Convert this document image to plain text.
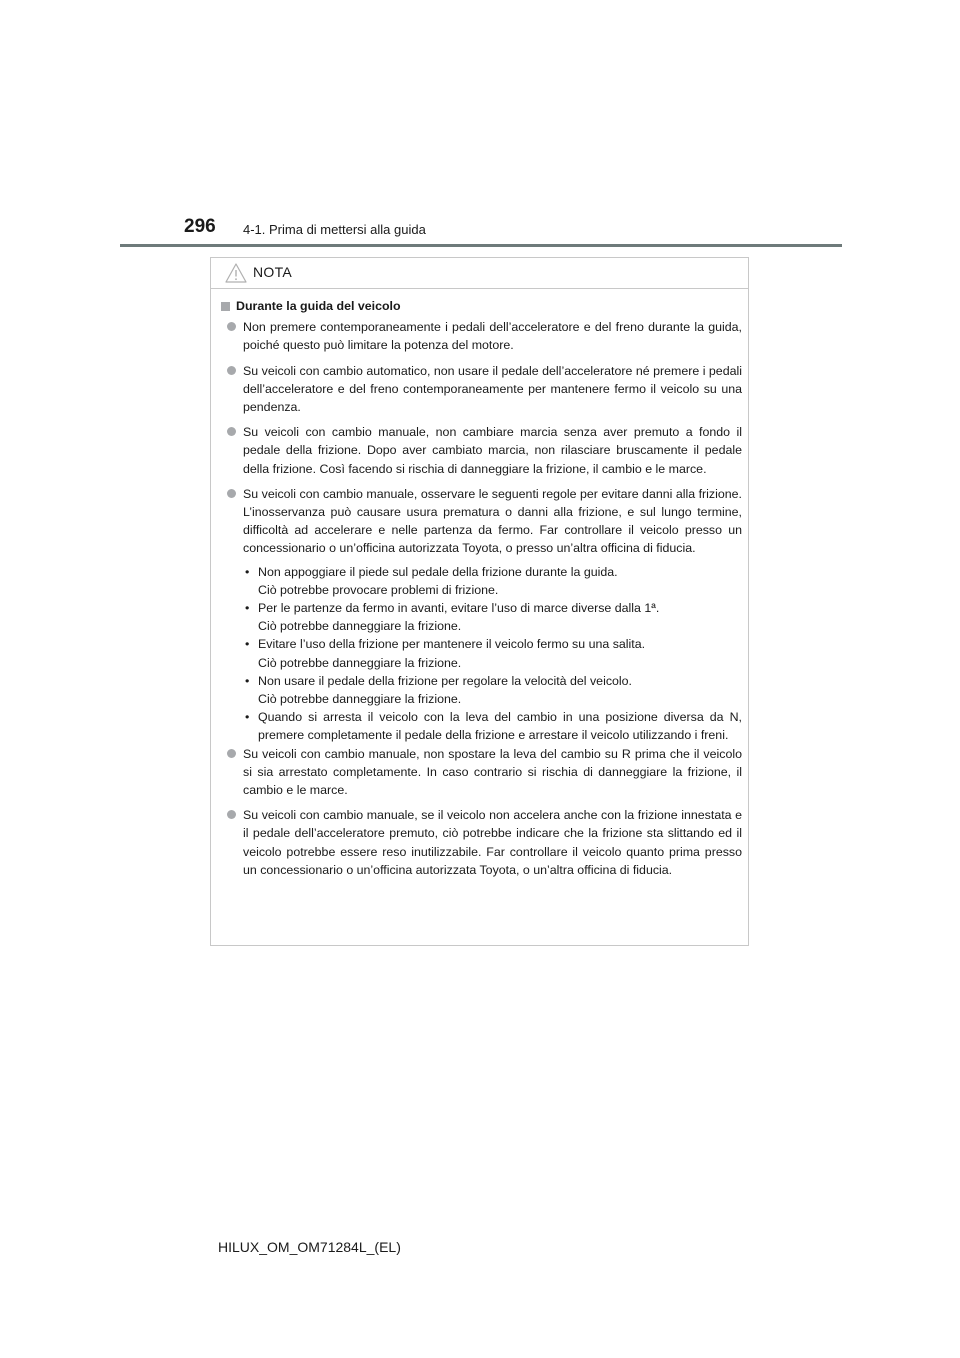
296 4-1. Prima di mettersi alla guida
NOTA
Durante la guida del veicolo
Non premere contemporaneamente i pedali dell’acceleratore e del freno durante la guida, poiché questo può limitare la potenza del motore.
Su veicoli con cambio automatico, non usare il pedale dell’acceleratore né premere i pedali dell’acceleratore e del freno contemporaneamente per mantenere fermo il veicolo su una pendenza.
Su veicoli con cambio manuale, non cambiare marcia senza aver premuto a fondo il pedale della frizione. Dopo aver cambiato marcia, non rilasciare bruscamente il pedale della frizione. Così facendo si rischia di danneggiare la frizione, il cambio e le marce.
Su veicoli con cambio manuale, osservare le seguenti regole per evitare danni alla frizione. L’inosservanza può causare usura prematura o danni alla frizione, e sul lungo termine, difficoltà ad accelerare e nelle partenza da fermo. Far controllare il veicolo presso un concessionario o un’officina autorizzata Toyota, o presso un’altra officina di fiducia.
• Non appoggiare il piede sul pedale della frizione durante la guida.
Ciò potrebbe provocare problemi di frizione.
• Per le partenze da fermo in avanti, evitare l’uso di marce diverse dalla 1ª.
Ciò potrebbe danneggiare la frizione.
• Evitare l’uso della frizione per mantenere il veicolo fermo su una salita.
Ciò potrebbe danneggiare la frizione.
• Non usare il pedale della frizione per regolare la velocità del veicolo.
Ciò potrebbe danneggiare la frizione.
• Quando si arresta il veicolo con la leva del cambio in una posizione diversa da N, premere completamente il pedale della frizione e arrestare il veicolo utilizzando i freni.
Su veicoli con cambio manuale, non spostare la leva del cambio su R prima che il veicolo si sia arrestato completamente. In caso contrario si rischia di danneggiare la frizione, il cambio e le marce.
Su veicoli con cambio manuale, se il veicolo non accelera anche con la frizione innestata e il pedale dell’acceleratore premuto, ciò potrebbe indicare che la frizione sta slittando ed il veicolo potrebbe essere reso inutilizzabile. Far controllare il veicolo quanto prima presso un concessionario o un’officina autorizzata Toyota, o un’altra officina di fiducia.
HILUX_OM_OM71284L_(EL)
